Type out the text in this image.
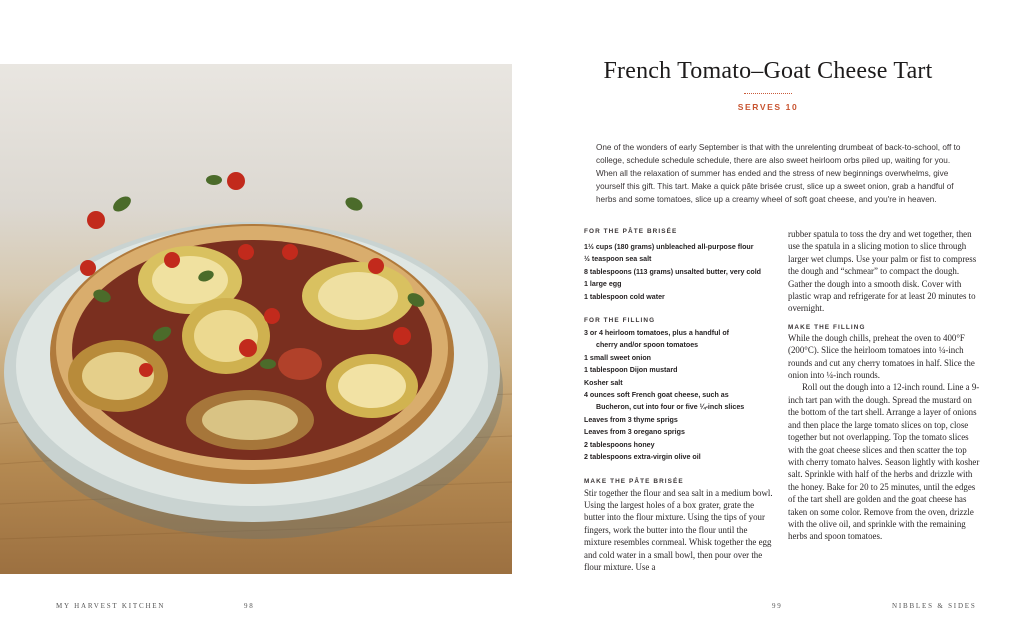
MY HARVEST KITCHEN	98
French Tomato–Goat Cheese Tart
SERVES 10

One of the wonders of early September is that with the unrelenting drumbeat of back-to-school, off to college, schedule schedule schedule, there are also sweet heirloom orbs piled up, waiting for you. When all the relaxation of summer has ended and the stress of new beginnings overwhelms, give yourself this gift. This tart. Make a quick pâte brisée crust, slice up a sweet onion, grab a handful of herbs and some tomatoes, slice up a creamy wheel of soft goat cheese, and you're in heaven.

FOR THE PÂTE BRISÉE
1½ cups (180 grams) unbleached all-purpose flour
½ teaspoon sea salt
8 tablespoons (113 grams) unsalted butter, very cold
1 large egg
1 tablespoon cold water
FOR THE FILLING
3 or 4 heirloom tomatoes, plus a handful of
cherry and/or spoon tomatoes
1 small sweet onion
1 tablespoon Dijon mustard
Kosher salt
4 ounces soft French goat cheese, such as
Bucheron, cut into four or five ¼-inch slices
Leaves from 3 thyme sprigs
Leaves from 3 oregano sprigs
2 tablespoons honey
2 tablespoons extra-virgin olive oil
MAKE THE PÂTE BRISÉE

Stir together the flour and sea salt in a medium bowl. Using the largest holes of a box grater, grate the butter into the flour mixture. Using the tips of your fingers, work the butter into the flour until the mixture resembles cornmeal. Whisk together the egg and cold water in a small bowl, then pour over the flour mixture. Use a

rubber spatula to toss the dry and wet together, then use the spatula in a slicing motion to slice through larger wet clumps. Use your palm or fist to compress the dough and “schmear” to compact the dough. Gather the dough into a smooth disk. Cover with plastic wrap and refrigerate for at least 20 minutes to overnight.

MAKE THE FILLING

While the dough chills, preheat the oven to 400°F (200°C). Slice the heirloom tomatoes into ¼-inch rounds and cut any cherry tomatoes in half. Slice the onion into ¼-inch rounds.

Roll out the dough into a 12-inch round. Line a 9-inch tart pan with the dough. Spread the mustard on the bottom of the tart shell. Arrange a layer of onions and then place the large tomato slices on top, close together but not overlapping. Top the tomato slices with the goat cheese slices and then scatter the top with cherry tomato halves. Season lightly with kosher salt. Sprinkle with half of the herbs and drizzle with the honey. Bake for 20 to 25 minutes, until the edges of the tart shell are golden and the goat cheese has taken on some color. Remove from the oven, drizzle with the olive oil, and sprinkle with the remaining herbs and spoon tomatoes.

99	NIBBLES & SIDES
